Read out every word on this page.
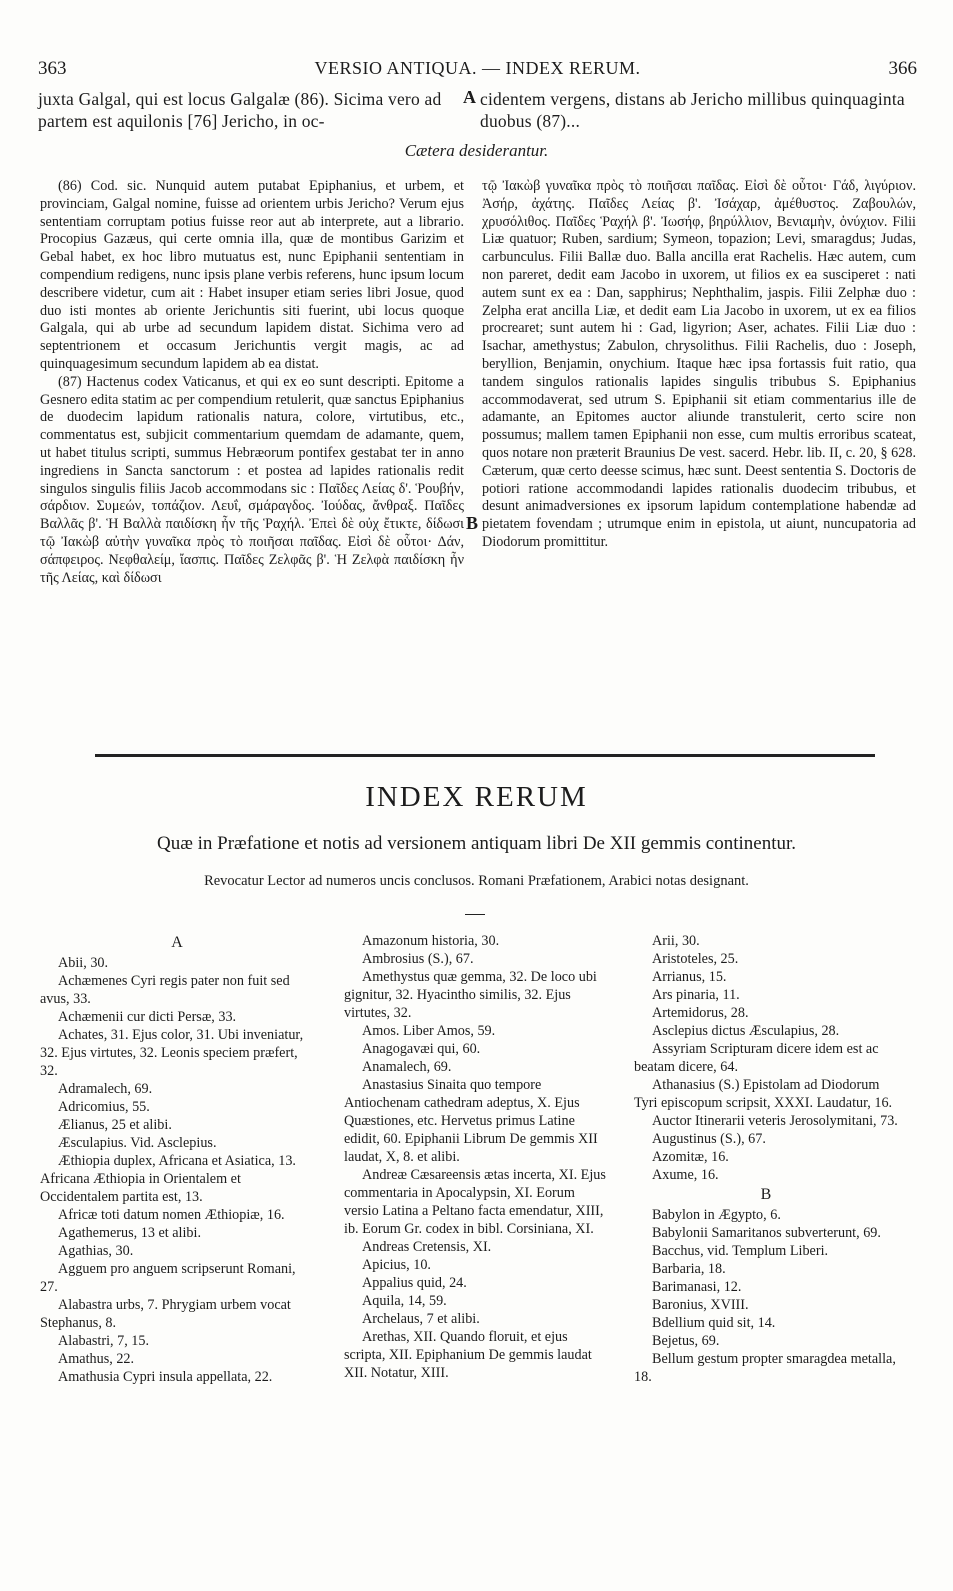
363	VERSIO ANTIQUA. — INDEX RERUM.	366
juxta Galgal, qui est locus Galgalæ (86). Sicima vero ad partem est aquilonis [76] Jericho, in oc-
A cidentem vergens, distans ab Jericho millibus quinquaginta duobus (87)...
Cætera desiderantur.

(86) Cod. sic. Nunquid autem putabat Epiphanius, et urbem, et provinciam, Galgal nomine, fuisse ad orientem urbis Jericho? Verum ejus sententiam corruptam potius fuisse reor aut ab interprete, aut a librario. Procopius Gazæus, qui certe omnia illa, quæ de montibus Garizim et Gebal habet, ex hoc libro mutuatus est, nunc Epiphanii sententiam in compendium redigens, nunc ipsis plane verbis referens, hunc ipsum locum describere videtur, cum ait : Habet insuper etiam series libri Josue, quod duo isti montes ab oriente Jerichuntis siti fuerint, ubi locus quoque Galgala, qui ab urbe ad secundum lapidem distat. Sichima vero ad septentrionem et occasum Jerichuntis vergit magis, ac ad quinquagesimum secundum lapidem ab ea distat.

(87) Hactenus codex Vaticanus, et qui ex eo sunt descripti. Epitome a Gesnero edita statim ac per compendium retulerit, quæ sanctus Epiphanius de duodecim lapidum rationalis natura, colore, virtutibus, etc., commentatus est, subjicit commentarium quemdam de adamante, quem, ut habet titulus scripti, summus Hebræorum pontifex gestabat ter in anno ingrediens in Sancta sanctorum : et postea ad lapides rationalis redit singulos singulis filiis Jacob accommodans sic : Παῖδες Λείας δ'. Ῥουβήν, σάρδιον. Συμεών, τοπάζιον. Λευΐ, σμάραγδος. Ἰούδας, ἄνθραξ. Παῖδες Βαλλᾶς β'. Ἡ Βαλλὰ παιδίσκη ἦν τῆς Ῥαχήλ. Ἐπεὶ δὲ οὐχ ἔτικτε, δίδωσι τῷ Ἰακὼβ αὐτὴν γυναῖκα πρὸς τὸ ποιῆσαι παῖδας. Εἰσὶ δὲ οὗτοι· Δάν, σάπφειρος. Νεφθαλείμ, ἴασπις. Παῖδες Ζελφᾶς β'. Ἡ Ζελφὰ παιδίσκη ἦν τῆς Λείας, καὶ δίδωσι

B

τῷ Ἰακὼβ γυναῖκα πρὸς τὸ ποιῆσαι παῖδας. Εἰσὶ δὲ οὗτοι· Γάδ, λιγύριον. Ἀσήρ, ἀχάτης. Παῖδες Λείας β'. Ἰσάχαρ, ἀμέθυστος. Ζαβουλών, χρυσόλιθος. Παῖδες Ῥαχήλ β'. Ἰωσήφ, βηρύλλιον, Βενιαμὴν, ὀνύχιον. Filii Liæ quatuor; Ruben, sardium; Symeon, topazion; Levi, smaragdus; Judas, carbunculus. Filii Ballæ duo. Balla ancilla erat Rachelis. Hæc autem, cum non pareret, dedit eam Jacobo in uxorem, ut filios ex ea susciperet : nati autem sunt ex ea : Dan, sapphirus; Nephthalim, jaspis. Filii Zelphæ duo : Zelpha erat ancilla Liæ, et dedit eam Lia Jacobo in uxorem, ut ex ea filios procrearet; sunt autem hi : Gad, ligyrion; Aser, achates. Filii Liæ duo : Isachar, amethystus; Zabulon, chrysolithus. Filii Rachelis, duo : Joseph, beryllion, Benjamin, onychium. Itaque hæc ipsa fortassis fuit ratio, qua tandem singulos rationalis lapides singulis tribubus S. Epiphanius accommodaverat, sed utrum S. Epiphanii sit etiam commentarius ille de adamante, an Epitomes auctor aliunde transtulerit, certo scire non possumus; mallem tamen Epiphanii non esse, cum multis erroribus scateat, quos notare non præterit Braunius De vest. sacerd. Hebr. lib. II, c. 20, § 628. Cæterum, quæ certo deesse scimus, hæc sunt. Deest sententia S. Doctoris de potiori ratione accommodandi lapides rationalis duodecim tribubus, et desunt animadversiones ex ipsorum lapidum contemplatione habendæ ad pietatem fovendam ; utrumque enim in epistola, ut aiunt, nuncupatoria ad Diodorum promittitur.

INDEX RERUM
Quæ in Præfatione et notis ad versionem antiquam libri De XII gemmis continentur.
Revocatur Lector ad numeros uncis conclusos. Romani Præfationem, Arabici notas designant.
A
Abii, 30.
Achæmenes Cyri regis pater non fuit sed avus, 33.
Achæmenii cur dicti Persæ, 33.
Achates, 31. Ejus color, 31. Ubi inveniatur, 32. Ejus virtutes, 32. Leonis speciem præfert, 32.
Adramalech, 69.
Adricomius, 55.
Ælianus, 25 et alibi.
Æsculapius. Vid. Asclepius.
Æthiopia duplex, Africana et Asiatica, 13. Africana Æthiopia in Orientalem et Occidentalem partita est, 13.
Africæ toti datum nomen Æthiopiæ, 16.
Agathemerus, 13 et alibi.
Agathias, 30.
Agguem pro anguem scripserunt Romani, 27.
Alabastra urbs, 7. Phrygiam urbem vocat Stephanus, 8.
Alabastri, 7, 15.
Amathus, 22.
Amathusia Cypri insula appellata, 22.
Amazonum historia, 30.
Ambrosius (S.), 67.
Amethystus quæ gemma, 32. De loco ubi gignitur, 32. Hyacintho similis, 32. Ejus virtutes, 32.
Amos. Liber Amos, 59.
Anagogavæi qui, 60.
Anamalech, 69.
Anastasius Sinaita quo tempore Antiochenam cathedram adeptus, X. Ejus Quæstiones, etc. Hervetus primus Latine edidit, 60. Epiphanii Librum De gemmis XII laudat, X, 8. et alibi.
Andreæ Cæsareensis ætas incerta, XI. Ejus commentaria in Apocalypsin, XI. Eorum versio Latina a Peltano facta emendatur, XIII, ib. Eorum Gr. codex in bibl. Corsiniana, XI.
Andreas Cretensis, XI.
Apicius, 10.
Appalius quid, 24.
Aquila, 14, 59.
Archelaus, 7 et alibi.
Arethas, XII. Quando floruit, et ejus scripta, XII. Epiphanium De gemmis laudat XII. Notatur, XIII.
Arii, 30.
Aristoteles, 25.
Arrianus, 15.
Ars pinaria, 11.
Artemidorus, 28.
Asclepius dictus Æsculapius, 28.
Assyriam Scripturam dicere idem est ac beatam dicere, 64.
Athanasius (S.) Epistolam ad Diodorum Tyri episcopum scripsit, XXXI. Laudatur, 16.
Auctor Itinerarii veteris Jerosolymitani, 73.
Augustinus (S.), 67.
Azomitæ, 16.
Axume, 16.
B
Babylon in Ægypto, 6.
Babylonii Samaritanos subverterunt, 69.
Bacchus, vid. Templum Liberi.
Barbaria, 18.
Barimanasi, 12.
Baronius, XVIII.
Bdellium quid sit, 14.
Bejetus, 69.
Bellum gestum propter smaragdea metalla, 18.
